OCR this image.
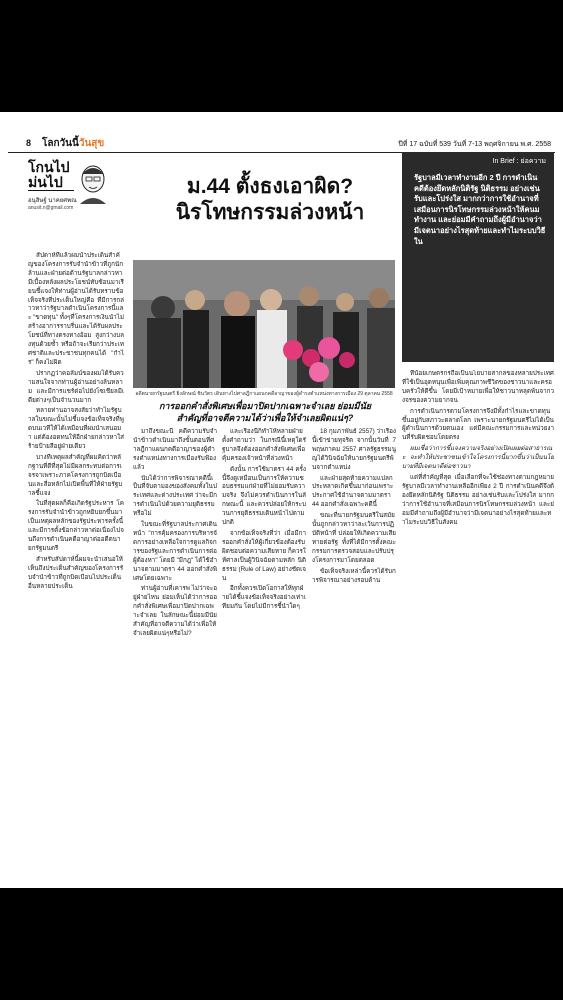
8 โลกวันนี้วันสุข	ปีที่ 17 ฉบับที่ 539 วันที่ 7-13 พฤศจิกายน พ.ศ. 2558
โกนไป
ม่นไป
อนุสิษฐ์ นาคยศพณ
anusit.n@gmail.com
ม.44 ตั้งธงเอาผิด?
นิรโทษกรรมล่วงหน้า
In Brief : ย่อความ
รัฐบาลมีเวลาทำงานอีก 2 ปี การดำเนินคดีต้องยึดหลักนิติรัฐ นิติธรรม อย่างเช่นรับและโปร่งใส มากกว่าการใช้อำนาจที่เสมือนการนิรโทษกรรมล่วงหน้าให้คนมทำงาน และย่อมมีคำถามถึงผู้มีอำนาจว่ามีเจตนาอย่างไรสุดท้ายและทำไมระบบวิธีใน
อดีตนายกรัฐมนตรี ยิ่งลักษณ์ ชินวัตร เดินทางไปศาลฎีกาแผนกคดีอาญาของผู้ดำรงตำแหน่งทางการเมือง 29 ตุลาคม 2558
การออกคำสั่งพิเศษเพื่อมาปิดปากเฉพาะจำเลย ย่อมมีนัยสำคัญที่อาจตีความได้ว่าเพื่อให้จำเลยผิดแน่ๆ?

สัปดาห์ที่แล้วผมนำประเด็นสำคัญของโครงการรับจำนำข้าวที่ถูกนักล้านและฝ่ายต่อต้านรัฐบาลกล่าวหามีเบื้องหลังผลประโยชน์ทับซ้อนมาเรียนชี้แจงให้ท่านผู้อ่านได้รับทราบข้อเท็จจริงที่ประเด็นใหญ่คือ ที่มีการกล่าวหาว่ารัฐบาลดำเนินโครงการนี้และ "ขาดทุน" ทั้งๆที่โครงการเงินนำไม่สร้างอาการราบรื่นและได้รับผลประโยชน์ที่ทางตรงทางอ้อม สูงกว่างบลงทุนด้วยซ้ำ หรือถ้าจะเรียกว่าประเทศชาติและประชาชนทุกคนได้ "กำไร" ก็คงไม่ผิด

ปรากฏว่าคอลัมน์ของผมได้รับความสนใจจากท่านผู้อ่านอย่างล้นหลาม และมีการแชร์ต่อไปยังโซเชียลมีเดียต่างๆเป็นจำนวนมาก

หลายท่านอาจสงสัยว่าทำไมรัฐบาลในขณะนั้นไม่ชี้แจงข้อเท็จจริงที่พูดบนเวทีให้ได้เหมือนที่ผมนำเสนอมา แต่ต้องอดทนให้อีกฝ่ายกล่าวหาใส่ร้ายป้ายสีอยู่ฝ่ายเดียว

บางทีเหตุผลสำคัญที่ผมคิดว่าหลักฐานที่ดีที่สุดไม่มีผลกระทบต่อการเจรจาเพราะภาคโครงการถูกบิดเบือนและสื่อหลักไม่เปิดพื้นที่ให้ฝ่ายรัฐบาลชี้แจง

ในที่สุดผลก็คือเกิดรัฐประหาร โครงการรับจำนำข้าวถูกหยิบยกขึ้นมาเป็นเหตุผลหลักของรัฐประหารครั้งนี้ และมีการตั้งข้อกล่าวหาต่อเนื่องไปจนถึงการดำเนินคดีอาญาต่ออดีตนายกรัฐมนตรี

สำหรับสัปดาห์นี้ผมจะนำเสนอให้เห็นถึงประเด็นสำคัญของโครงการรับจำนำข้าวที่ถูกบิดเบือนไปประเด็นอื่นหลายประเด็น

มาถึงขณะนี้ คดีความรับจำนำข้าวดำเนินมาถึงขั้นตอนที่ศาลฎีกาแผนกคดีอาญาของผู้ดำรงตำแหน่งทางการเมืองรับฟ้องแล้ว

นับได้ว่าการพิจารณาคดีนี้เป็นที่จับตามองของสังคมทั้งในประเทศและต่างประเทศ ว่าจะมีการดำเนินไปด้วยความยุติธรรมหรือไม่

ในขณะที่รัฐบาลประกาศเดินหน้า "การคุ้มครองการบริหารจัดการอย่างเหลือใจการดูแลกิจการของรัฐและการดำเนินการต่อผู้ต้องหา" โดยมี "มีกฎ" ได้ใช้อำนาจตามมาตรา 44 ออกคำสั่งพิเศษโดยเฉพาะ

ท่านผู้อ่านที่เคารพ ไม่ว่าจะอยู่ฝ่ายไหน ย่อมเห็นได้ว่าการออกคำสั่งพิเศษเพื่อมาปิดปากเฉพาะจำเลย ในลักษณะนี้ย่อมมีนัยสำคัญที่อาจตีความได้ว่าเพื่อให้จำเลยผิดแน่ๆหรือไม่?

และเรื่องนี้ก็ทำให้หลายฝ่ายตั้งคำถามว่า ในกรณีนี้เหตุใดรัฐบาลจึงต้องออกคำสั่งพิเศษเพื่อคุ้มครองเจ้าหน้าที่ล่วงหน้า

ดังนั้น การใช้มาตรา 44 ครั้งนี้จึงดูเหมือนเป็นการให้ความชอบธรรมแก่ฝ่ายที่ไม่ยอมรับความจริง จึงไม่ควรดำเนินการในลักษณะนี้ และควรปล่อยให้กระบวนการยุติธรรมเดินหน้าไปตามปกติ

จากข้อเท็จจริงที่ว่า เมื่อมีการออกคำสั่งให้ผู้เกี่ยวข้องต้องรับผิดชอบต่อความเสียหาย ก็ควรให้ศาลเป็นผู้วินิจฉัยตามหลัก นิติธรรม (Rule of Law) อย่างชัดเจน

อีกทั้งควรเปิดโอกาสให้ทุกฝ่ายได้ชี้แจงข้อเท็จจริงอย่างเท่าเทียมกัน โดยไม่มีการชี้นำใดๆ

18 กุมภาพันธ์ 2557) ว่าเรื่องนี้เข้าข่ายทุจริต จากนั้นวันที่ 7 พฤษภาคม 2557 ศาลรัฐธรรมนูญได้วินิจฉัยให้นายกรัฐมนตรีพ้นจากตำแหน่ง

และฝ่ายสุดท้ายความแปลกประหลาดเกิดขึ้นมาก่อนเพราะประกาศใช้อำนาจตามมาตรา 44 ออกคำสั่งเฉพาะคดีนี้

ขณะที่นายกรัฐมนตรีในสมัยนั้นถูกกล่าวหาว่าละเว้นการปฏิบัติหน้าที่ ปล่อยให้เกิดความเสียหายต่อรัฐ ทั้งที่ได้มีการตั้งคณะกรรมการตรวจสอบและปรับปรุงโครงการมาโดยตลอด

ข้อเท็จจริงเหล่านี้ควรได้รับการพิจารณาอย่างรอบด้าน

ที่น้อยเกษตรกรถือเป็นนโยบายสากลของหลายประเทศที่ใช้เป็นอุดหนุนเพื่อเพิ่มคุณภาพชีวิตของชาวนาและครอบครัวให้ดีขึ้น โดยมีเป้าหมายเพื่อให้ชาวนาหลุดพ้นจากวงจรของความยากจน

การดำเนินการตามโครงการจึงมีทั้งกำไรและขาดทุน ขึ้นอยู่กับสภาวะตลาดโลก เพราะนายกรัฐมนตรีไม่ได้เป็นผู้ดำเนินการด้วยตนเอง แต่มีคณะกรรมการและหน่วยงานที่รับผิดชอบโดยตรง

ผมเชื่อว่าการชี้แจงความจริงอย่างเปิดเผยต่อสาธารณะ จะทำให้ประชาชนเข้าใจโครงการนี้มากขึ้นว่าเป็นนโยบายที่มีเจตนาดีต่อชาวนา

แต่ที่สำคัญที่สุด เมื่อเลือกที่จะใช้ช่องทางตามกฎหมาย รัฐบาลมีเวลาทำงานเหลืออีกเพียง 2 ปี การดำเนินคดีจึงต้องยึดหลักนิติรัฐ นิติธรรม อย่างเช่นรับและโปร่งใส มากกว่าการใช้อำนาจที่เสมือนการนิรโทษกรรมล่วงหน้า และย่อมมีคำถามถึงผู้มีอำนาจว่ามีเจตนาอย่างไรสุดท้ายและทำไมระบบวิธีในสังคม
